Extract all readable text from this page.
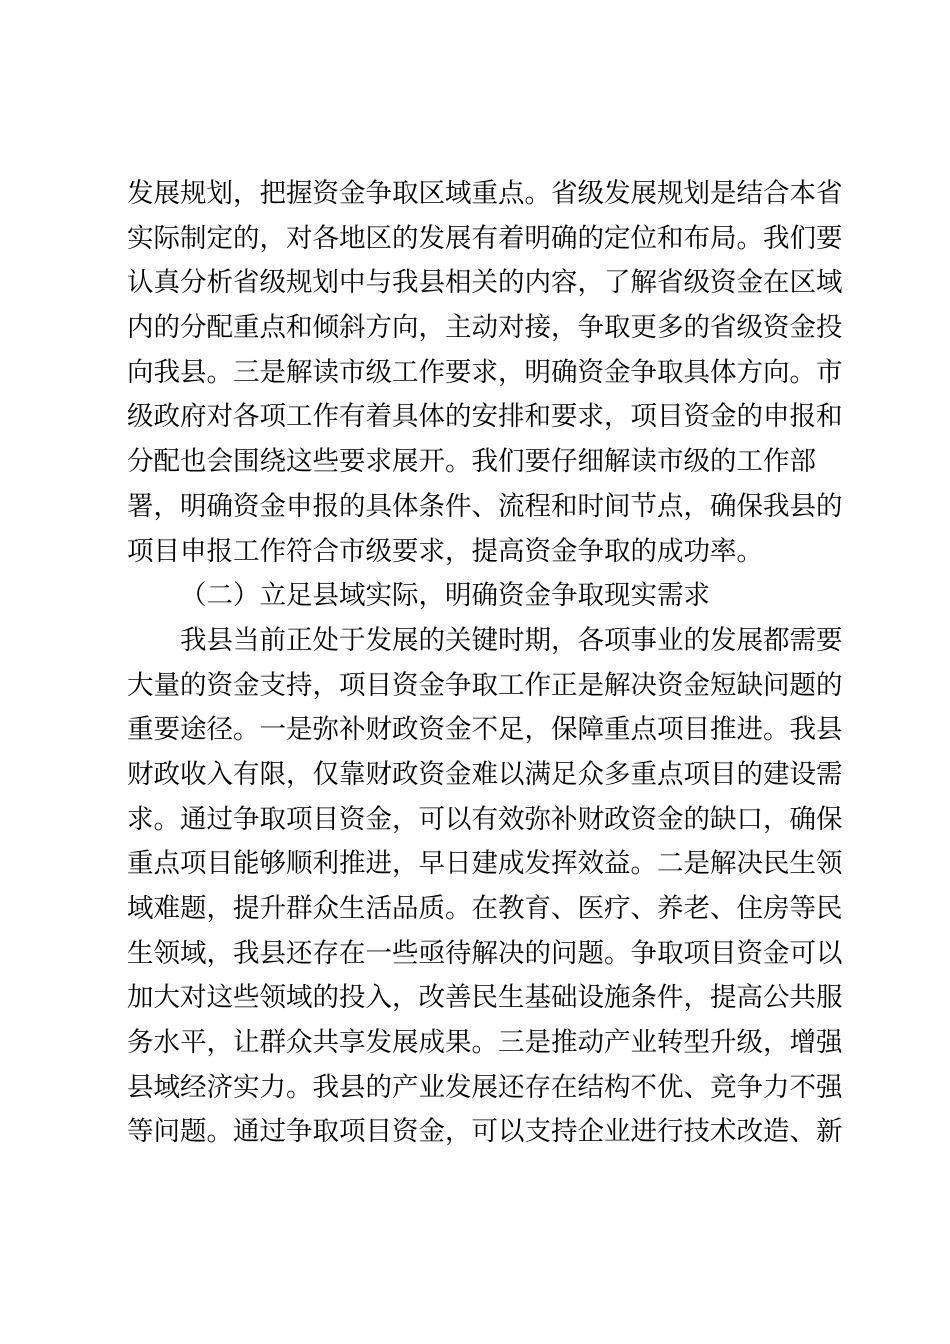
发展规划，把握资金争取区域重点。省级发展规划是结合本省
实际制定的，对各地区的发展有着明确的定位和布局。我们要
认真分析省级规划中与我县相关的内容，了解省级资金在区域
内的分配重点和倾斜方向，主动对接，争取更多的省级资金投
向我县。三是解读市级工作要求，明确资金争取具体方向。市
级政府对各项工作有着具体的安排和要求，项目资金的申报和
分配也会围绕这些要求展开。我们要仔细解读市级的工作部
署，明确资金申报的具体条件、流程和时间节点，确保我县的
项目申报工作符合市级要求，提高资金争取的成功率。
（二）立足县域实际，明确资金争取现实需求
我县当前正处于发展的关键时期，各项事业的发展都需要
大量的资金支持，项目资金争取工作正是解决资金短缺问题的
重要途径。一是弥补财政资金不足，保障重点项目推进。我县
财政收入有限，仅靠财政资金难以满足众多重点项目的建设需
求。通过争取项目资金，可以有效弥补财政资金的缺口，确保
重点项目能够顺利推进，早日建成发挥效益。二是解决民生领
域难题，提升群众生活品质。在教育、医疗、养老、住房等民
生领域，我县还存在一些亟待解决的问题。争取项目资金可以
加大对这些领域的投入，改善民生基础设施条件，提高公共服
务水平，让群众共享发展成果。三是推动产业转型升级，增强
县域经济实力。我县的产业发展还存在结构不优、竞争力不强
等问题。通过争取项目资金，可以支持企业进行技术改造、新
